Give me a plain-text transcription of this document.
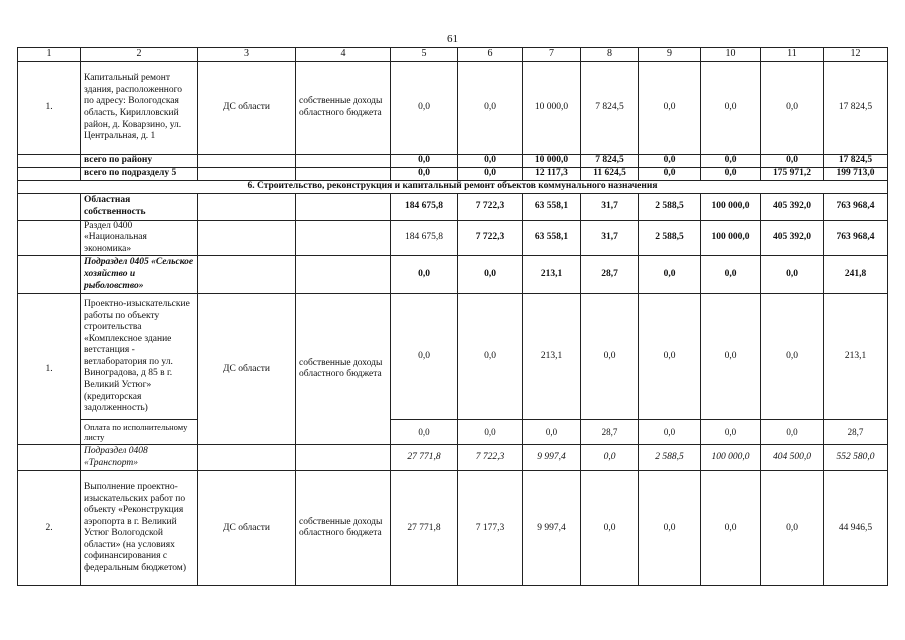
61
1	2	3	4	5	6	7	8	9	10	11	12
1.	Капитальный ремонт здания, расположенного по адресу: Вологодская область, Кирилловский район, д. Коварзино, ул. Центральная, д. 1	ДС области	собственные доходы областного бюджета	0,0	0,0	10 000,0	7 824,5	0,0	0,0	0,0	17 824,5
	всего по району			0,0	0,0	10 000,0	7 824,5	0,0	0,0	0,0	17 824,5
	всего по подразделу 5			0,0	0,0	12 117,3	11 624,5	0,0	0,0	175 971,2	199 713,0
6. Строительство, реконструкция и капитальный ремонт объектов коммунального назначения											
	Областная собственность			184 675,8	7 722,3	63 558,1	31,7	2 588,5	100 000,0	405 392,0	763 968,4
	Раздел 0400 «Национальная экономика»			184 675,8	7 722,3	63 558,1	31,7	2 588,5	100 000,0	405 392,0	763 968,4
	Подраздел 0405 «Сельское хозяйство и рыболовство»			0,0	0,0	213,1	28,7	0,0	0,0	0,0	241,8
1.	Проектно-изыскательские работы по объекту строительства «Комплексное здание ветстанция - ветлаборатория по ул. Виноградова, д 85 в г. Великий Устюг» (кредиторская задолженность)	ДС области	собственные доходы областного бюджета	0,0	0,0	213,1	0,0	0,0	0,0	0,0	213,1
	Оплата по исполнительному листу			0,0	0,0	0,0	28,7	0,0	0,0	0,0	28,7
	Подраздел 0408 «Транспорт»			27 771,8	7 722,3	9 997,4	0,0	2 588,5	100 000,0	404 500,0	552 580,0
2.	Выполнение проектно-изыскательских работ по объекту «Реконструкция аэропорта в г. Великий Устюг Вологодской области» (на условиях софинансирования с федеральным бюджетом)	ДС области	собственные доходы областного бюджета	27 771,8	7 177,3	9 997,4	0,0	0,0	0,0	0,0	44 946,5
